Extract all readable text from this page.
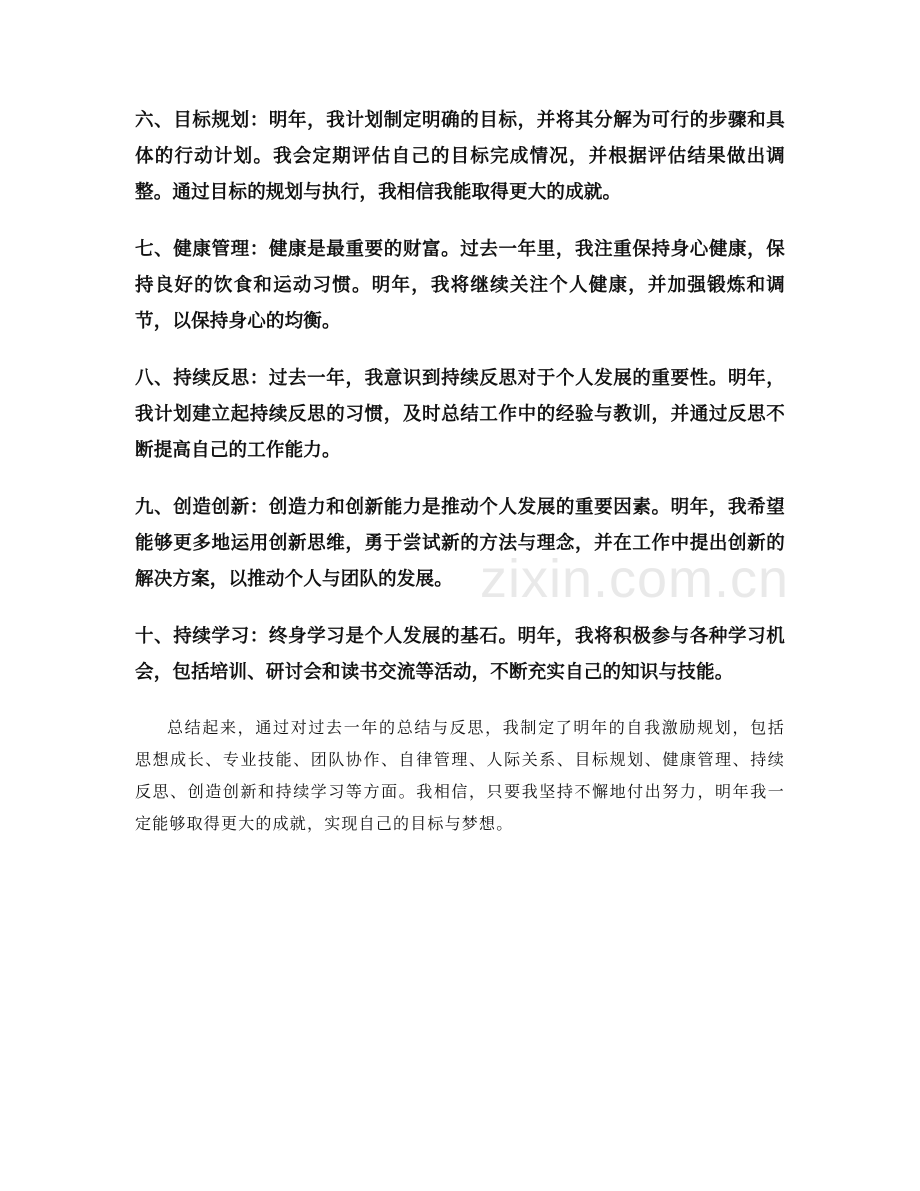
六、目标规划：明年，我计划制定明确的目标，并将其分解为可行的步骤和具体的行动计划。我会定期评估自己的目标完成情况，并根据评估结果做出调整。通过目标的规划与执行，我相信我能取得更大的成就。

七、健康管理：健康是最重要的财富。过去一年里，我注重保持身心健康，保持良好的饮食和运动习惯。明年，我将继续关注个人健康，并加强锻炼和调节，以保持身心的均衡。

八、持续反思：过去一年，我意识到持续反思对于个人发展的重要性。明年，我计划建立起持续反思的习惯，及时总结工作中的经验与教训，并通过反思不断提高自己的工作能力。

九、创造创新：创造力和创新能力是推动个人发展的重要因素。明年，我希望能够更多地运用创新思维，勇于尝试新的方法与理念，并在工作中提出创新的解决方案，以推动个人与团队的发展。

十、持续学习：终身学习是个人发展的基石。明年，我将积极参与各种学习机会，包括培训、研讨会和读书交流等活动，不断充实自己的知识与技能。

总结起来，通过对过去一年的总结与反思，我制定了明年的自我激励规划，包括思想成长、专业技能、团队协作、自律管理、人际关系、目标规划、健康管理、持续反思、创造创新和持续学习等方面。我相信，只要我坚持不懈地付出努力，明年我一定能够取得更大的成就，实现自己的目标与梦想。

zixin.com.cn
